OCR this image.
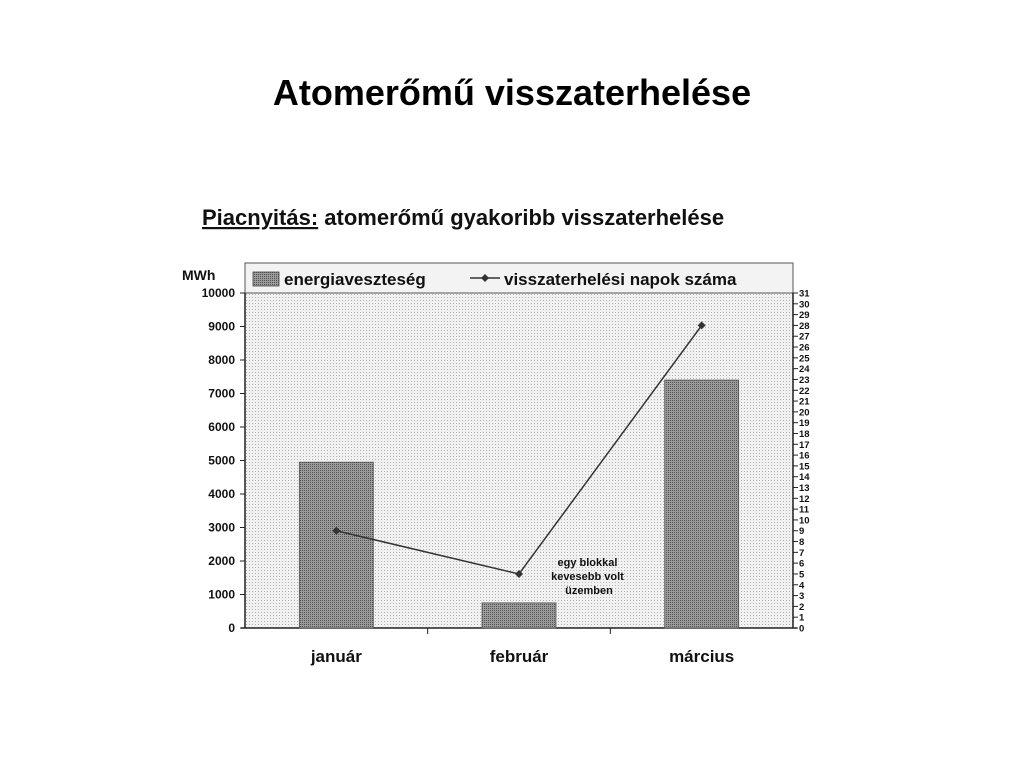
Atomerőmű visszaterhelése
Piacnyitás: atomerőmű gyakoribb visszaterhelése
MWh	energiaveszteség	visszaterhelési napok száma
0
1000
2000
3000
4000
5000
6000
7000
8000
9000
10000
0
1
2
3
4
5
6
7
8
9
10
11
12
13
14
15
16
17
18
19
20
21
22
23
24
25
26
27
28
29
30
31
január	február	március
egy blokkal kevesebb volt üzemben
